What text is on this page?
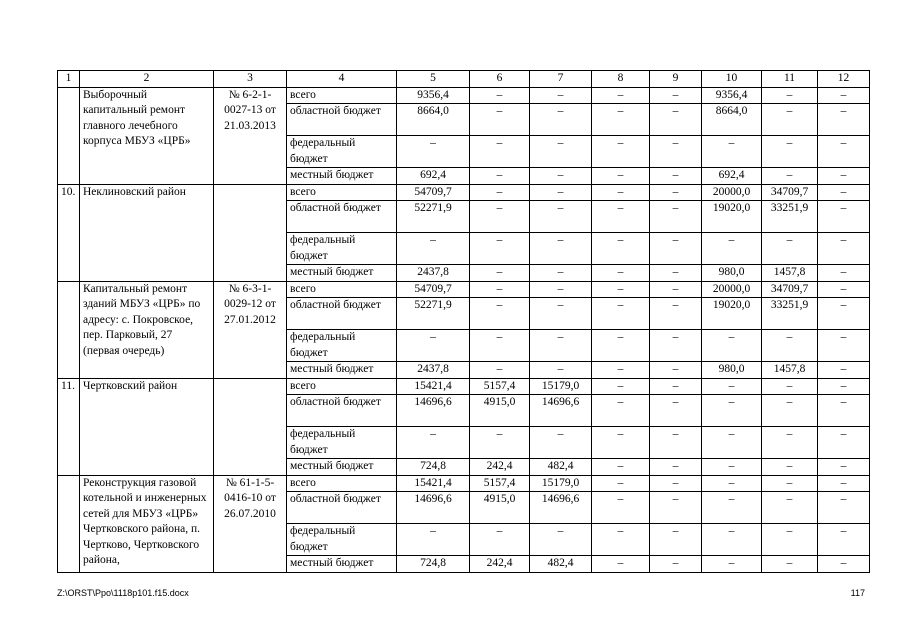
1	2	3	4	5	6	7	8	9	10	11	12
	Выборочный капитальный ремонт главного лечебного корпуса МБУЗ «ЦРБ»	№ 6-2-1-0027-13 от 21.03.2013	всего	9356,4	–	–	–	–	9356,4	–	–
			областной бюджет	8664,0	–	–	–	–	8664,0	–	–
			федеральный бюджет	–	–	–	–	–	–	–	–
			местный бюджет	692,4	–	–	–	–	692,4	–	–
10.	Неклиновский район		всего	54709,7	–	–	–	–	20000,0	34709,7	–
			областной бюджет	52271,9	–	–	–	–	19020,0	33251,9	–
			федеральный бюджет	–	–	–	–	–	–	–	–
			местный бюджет	2437,8	–	–	–	–	980,0	1457,8	–
	Капитальный ремонт зданий МБУЗ «ЦРБ» по адресу: с. Покровское, пер. Парковый, 27 (первая очередь)	№ 6-3-1-0029-12 от 27.01.2012	всего	54709,7	–	–	–	–	20000,0	34709,7	–
			областной бюджет	52271,9	–	–	–	–	19020,0	33251,9	–
			федеральный бюджет	–	–	–	–	–	–	–	–
			местный бюджет	2437,8	–	–	–	–	980,0	1457,8	–
11.	Чертковский район		всего	15421,4	5157,4	15179,0	–	–	–	–	–
			областной бюджет	14696,6	4915,0	14696,6	–	–	–	–	–
			федеральный бюджет	–	–	–	–	–	–	–	–
			местный бюджет	724,8	242,4	482,4	–	–	–	–	–
	Реконструкция газовой котельной и инженерных сетей для МБУЗ «ЦРБ» Чертковского района, п. Чертково, Чертковского района,	№ 61-1-5-0416-10 от 26.07.2010	всего	15421,4	5157,4	15179,0	–	–	–	–	–
			областной бюджет	14696,6	4915,0	14696,6	–	–	–	–	–
			федеральный бюджет	–	–	–	–	–	–	–	–
			местный бюджет	724,8	242,4	482,4	–	–	–	–	–
Z:\ORST\Ppo\1118p101.f15.docx	117
